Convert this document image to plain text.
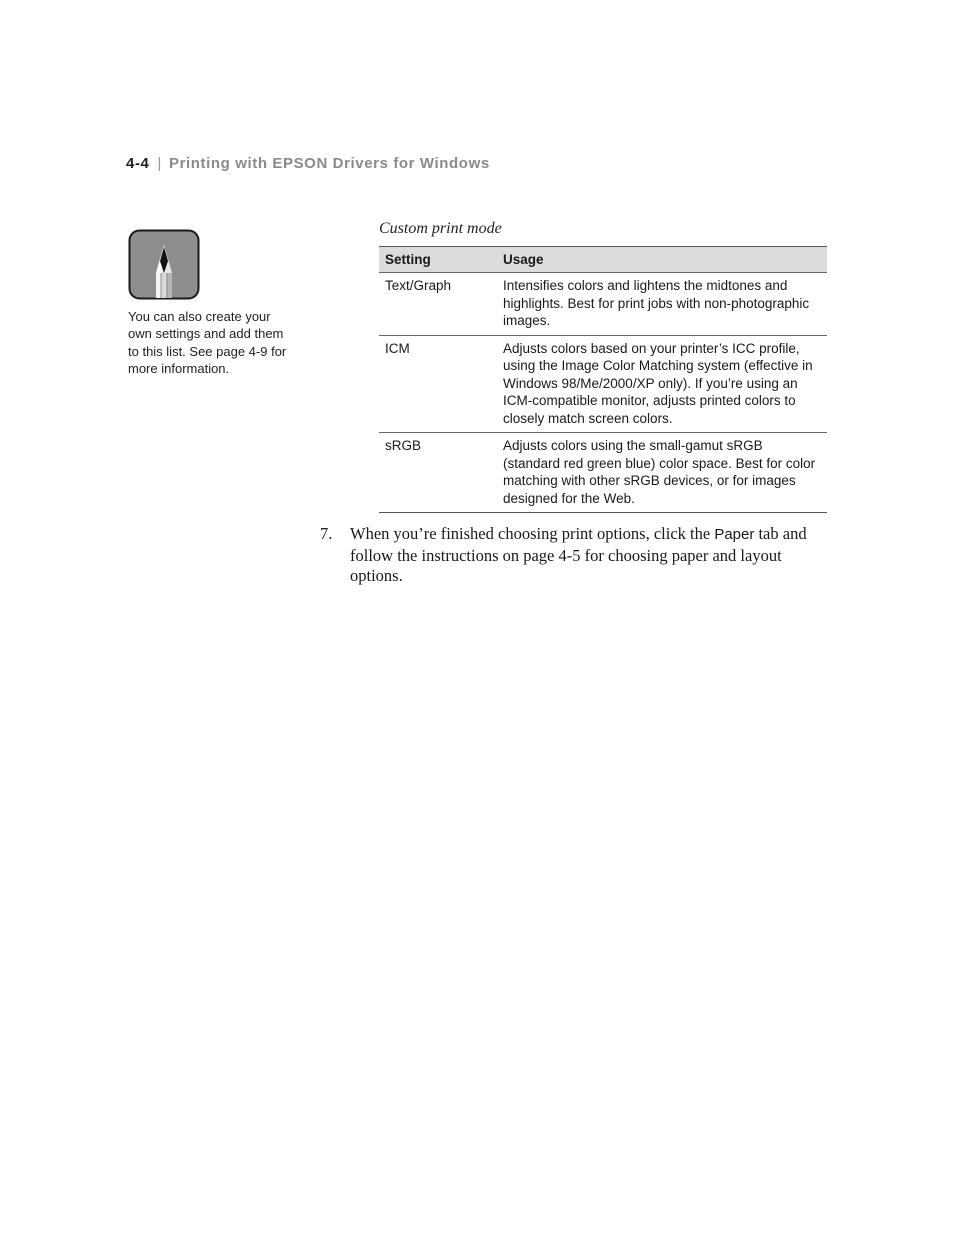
4-4 | Printing with EPSON Drivers for Windows
You can also create your own settings and add them to this list. See page 4-9 for more information.
Custom print mode
Setting	Usage
Text/Graph	Intensifies colors and lightens the midtones and highlights. Best for print jobs with non-photographic images.
ICM	Adjusts colors based on your printer’s ICC profile, using the Image Color Matching system (effective in Windows 98/Me/2000/XP only). If you’re using an ICM-compatible monitor, adjusts printed colors to closely match screen colors.
sRGB	Adjusts colors using the small-gamut sRGB (standard red green blue) color space. Best for color matching with other sRGB devices, or for images designed for the Web.
7. When you’re finished choosing print options, click the Paper tab and follow the instructions on page 4-5 for choosing paper and layout options.
